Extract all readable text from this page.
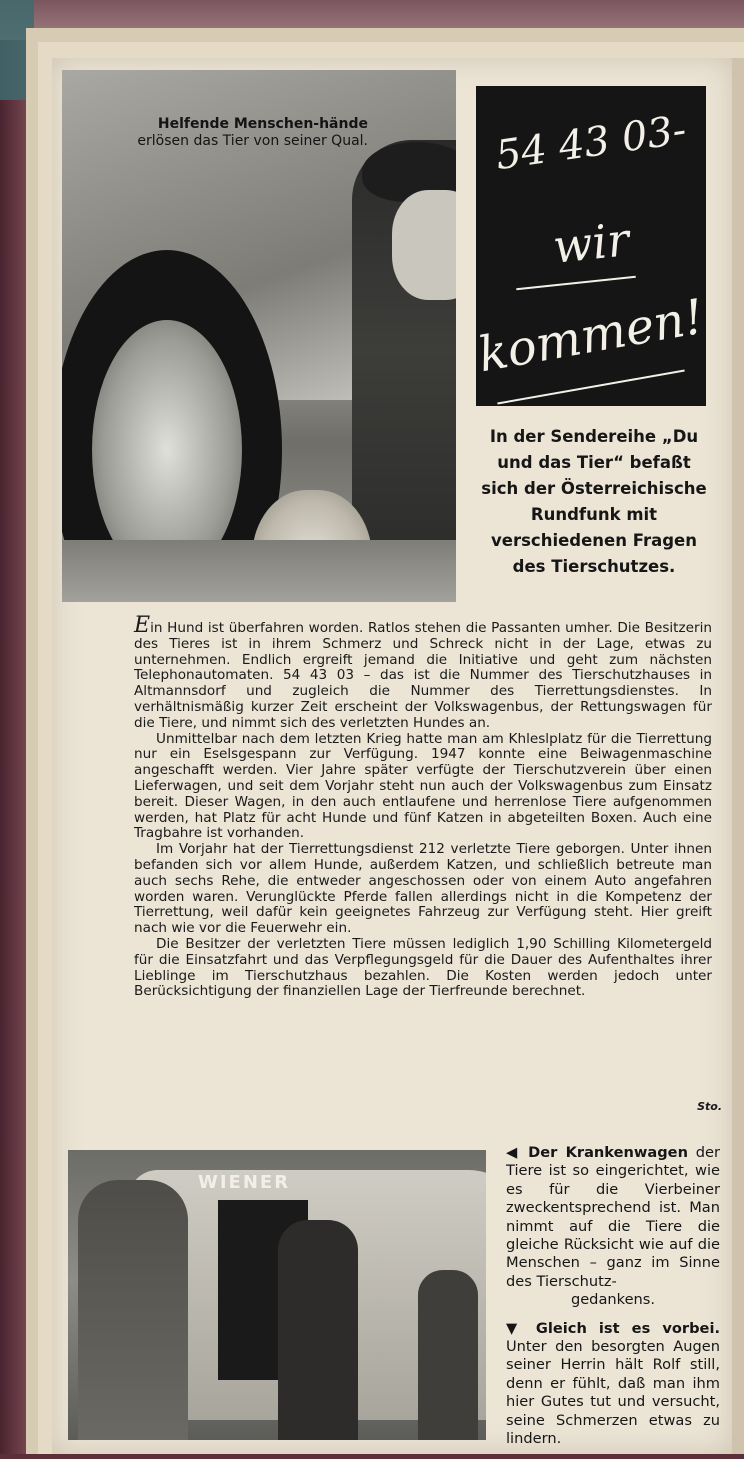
Helfende Menschen-hände erlösen das Tier von seiner Qual.	54 43 03-
wir
kommen!
In der Sendereihe „Du und das Tier“ befaßt sich der Österreichische Rundfunk mit verschiedenen Fragen des Tierschutzes.

Ein Hund ist überfahren worden. Ratlos stehen die Passanten umher. Die Besitzerin des Tieres ist in ihrem Schmerz und Schreck nicht in der Lage, etwas zu unternehmen. Endlich ergreift jemand die Initiative und geht zum nächsten Telephonautomaten. 54 43 03 – das ist die Nummer des Tierschutzhauses in Altmannsdorf und zugleich die Nummer des Tierrettungsdienstes. In verhältnismäßig kurzer Zeit erscheint der Volkswagenbus, der Rettungswagen für die Tiere, und nimmt sich des verletzten Hundes an.

Unmittelbar nach dem letzten Krieg hatte man am Khleslplatz für die Tierrettung nur ein Eselsgespann zur Verfügung. 1947 konnte eine Beiwagenmaschine angeschafft werden. Vier Jahre später verfügte der Tierschutzverein über einen Lieferwagen, und seit dem Vorjahr steht nun auch der Volkswagenbus zum Einsatz bereit. Dieser Wagen, in den auch entlaufene und herrenlose Tiere aufgenommen werden, hat Platz für acht Hunde und fünf Katzen in abgeteilten Boxen. Auch eine Tragbahre ist vorhanden.

Im Vorjahr hat der Tierrettungsdienst 212 verletzte Tiere geborgen. Unter ihnen befanden sich vor allem Hunde, außerdem Katzen, und schließlich betreute man auch sechs Rehe, die entweder angeschossen oder von einem Auto angefahren worden waren. Verunglückte Pferde fallen allerdings nicht in die Kompetenz der Tierrettung, weil dafür kein geeignetes Fahrzeug zur Verfügung steht. Hier greift nach wie vor die Feuerwehr ein.

Die Besitzer der verletzten Tiere müssen lediglich 1,90 Schilling Kilometergeld für die Einsatzfahrt und das Verpflegungsgeld für die Dauer des Aufenthaltes ihrer Lieblinge im Tierschutzhaus bezahlen. Die Kosten werden jedoch unter Berücksichtigung der finanziellen Lage der Tierfreunde berechnet.

Sto.
WIENER

◀ Der Krankenwagen der Tiere ist so eingerichtet, wie es für die Vierbeiner zweckentsprechend ist. Man nimmt auf die Tiere die gleiche Rücksicht wie auf die Menschen – ganz im Sinne des Tierschutz-
gedankens.

▼ Gleich ist es vorbei. Unter den besorgten Augen seiner Herrin hält Rolf still, denn er fühlt, daß man ihm hier Gutes tut und versucht, seine Schmerzen etwas zu lindern.
